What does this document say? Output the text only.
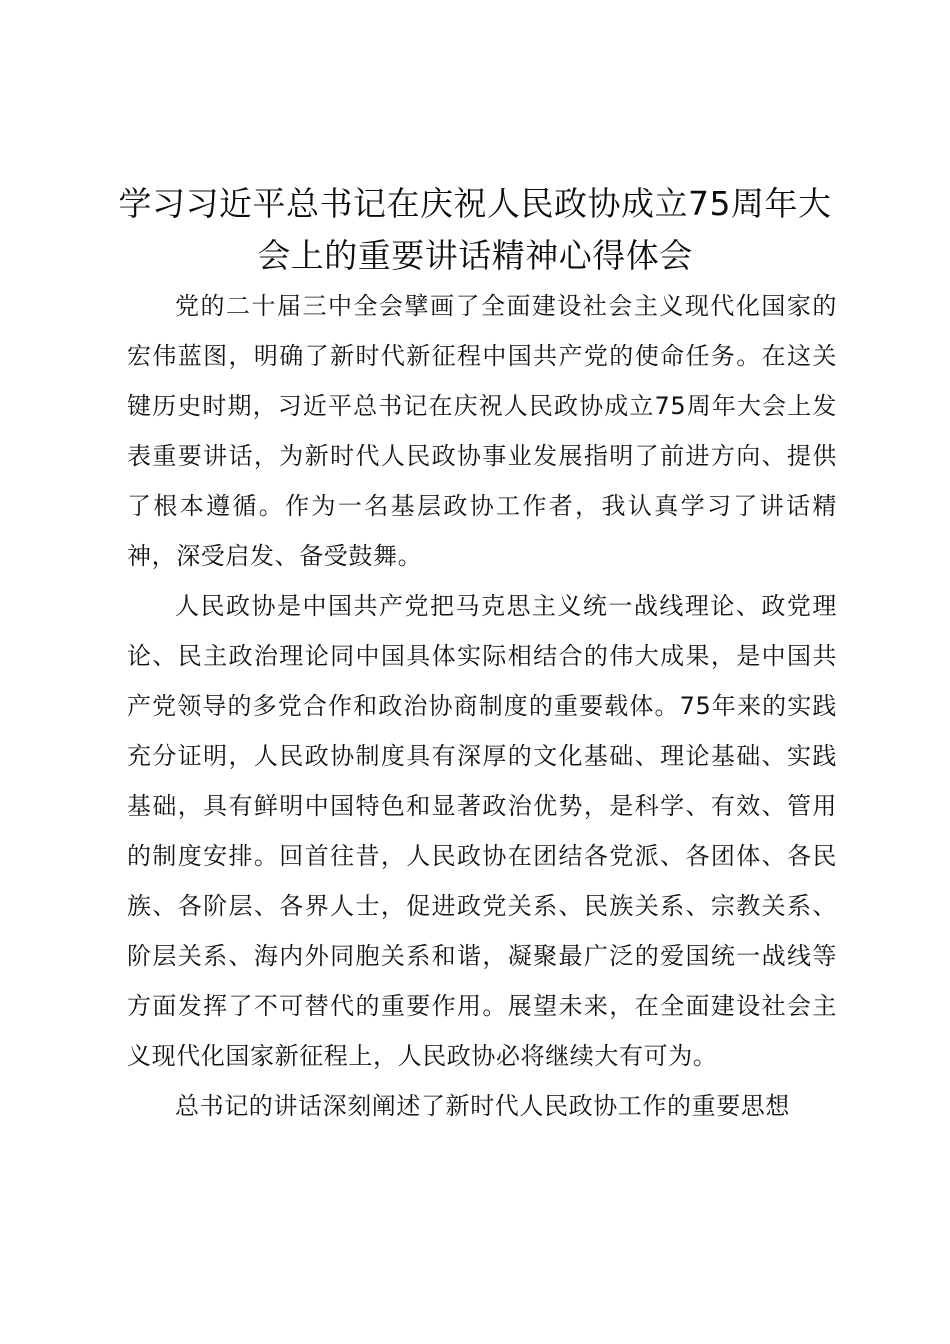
学习习近平总书记在庆祝人民政协成立75周年大会上的重要讲话精神心得体会

党的二十届三中全会擘画了全面建设社会主义现代化国家的宏伟蓝图，明确了新时代新征程中国共产党的使命任务。在这关键历史时期，习近平总书记在庆祝人民政协成立75周年大会上发表重要讲话，为新时代人民政协事业发展指明了前进方向、提供了根本遵循。作为一名基层政协工作者，我认真学习了讲话精神，深受启发、备受鼓舞。

人民政协是中国共产党把马克思主义统一战线理论、政党理论、民主政治理论同中国具体实际相结合的伟大成果，是中国共产党领导的多党合作和政治协商制度的重要载体。75年来的实践充分证明，人民政协制度具有深厚的文化基础、理论基础、实践基础，具有鲜明中国特色和显著政治优势，是科学、有效、管用的制度安排。回首往昔，人民政协在团结各党派、各团体、各民族、各阶层、各界人士，促进政党关系、民族关系、宗教关系、阶层关系、海内外同胞关系和谐，凝聚最广泛的爱国统一战线等方面发挥了不可替代的重要作用。展望未来，在全面建设社会主义现代化国家新征程上，人民政协必将继续大有可为。

总书记的讲话深刻阐述了新时代人民政协工作的重要思想
